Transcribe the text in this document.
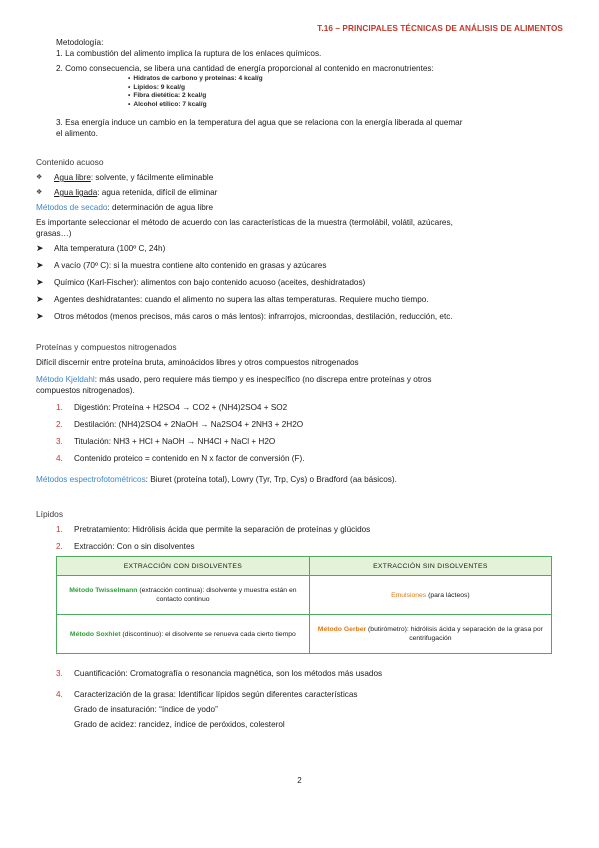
T.16 – PRINCIPALES TÉCNICAS DE ANÁLISIS DE ALIMENTOS

Metodología:

1. La combustión del alimento implica la ruptura de los enlaces químicos.

2. Como consecuencia, se libera una cantidad de energía proporcional al contenido en macronutrientes:

• Hidratos de carbono y proteínas: 4 kcal/g
• Lípidos: 9 kcal/g
• Fibra dietética: 2 kcal/g
• Alcohol etílico: 7 kcal/g

3. Esa energía induce un cambio en la temperatura del agua que se relaciona con la energía liberada al quemar

el alimento.

Contenido acuoso

❖	Agua libre: solvente, y fácilmente eliminable
❖	Agua ligada: agua retenida, difícil de eliminar

Métodos de secado: determinación de agua libre

Es importante seleccionar el método de acuerdo con las características de la muestra (termolábil, volátil, azúcares,

grasas…)

➤	Alta temperatura (100º C, 24h)
➤	A vacío (70º C): si la muestra contiene alto contenido en grasas y azúcares
➤	Químico (Karl-Fischer): alimentos con bajo contenido acuoso (aceites, deshidratados)
➤	Agentes deshidratantes: cuando el alimento no supera las altas temperaturas. Requiere mucho tiempo.
➤	Otros métodos (menos precisos, más caros o más lentos): infrarrojos, microondas, destilación, reducción, etc.

Proteínas y compuestos nitrogenados

Difícil discernir entre proteína bruta, aminoácidos libres y otros compuestos nitrogenados

Método Kjeldahl: más usado, pero requiere más tiempo y es inespecífico (no discrepa entre proteínas y otros

compuestos nitrogenados).

1. Digestión: Proteína + H2SO4 → CO2 + (NH4)2SO4 + SO2

2. Destilación: (NH4)2SO4 + 2NaOH → Na2SO4 + 2NH3 + 2H2O

3. Titulación: NH3 + HCl + NaOH → NH4Cl + NaCl + H2O

4. Contenido proteico = contenido en N x factor de conversión (F).

Métodos espectrofotométricos: Biuret (proteína total), Lowry (Tyr, Trp, Cys) o Bradford (aa básicos).

Lípidos

1. Pretratamiento: Hidrólisis ácida que permite la separación de proteínas y glúcidos

2. Extracción: Con o sin disolventes

EXTRACCIÓN CON DISOLVENTES	EXTRACCIÓN SIN DISOLVENTES
Método Twisselmann (extracción continua): disolvente y muestra están en contacto continuo	Emulsiones (para lácteos)
Método Soxhlet (discontinuo): el disolvente se renueva cada cierto tiempo	Método Gerber (butirómetro): hidrólisis ácida y separación de la grasa por centrifugación

3. Cuantificación: Cromatografía o resonancia magnética, son los métodos más usados

4. Caracterización de la grasa: Identificar lípidos según diferentes características

Grado de insaturación: “índice de yodo”

Grado de acidez: rancidez, índice de peróxidos, colesterol

2
